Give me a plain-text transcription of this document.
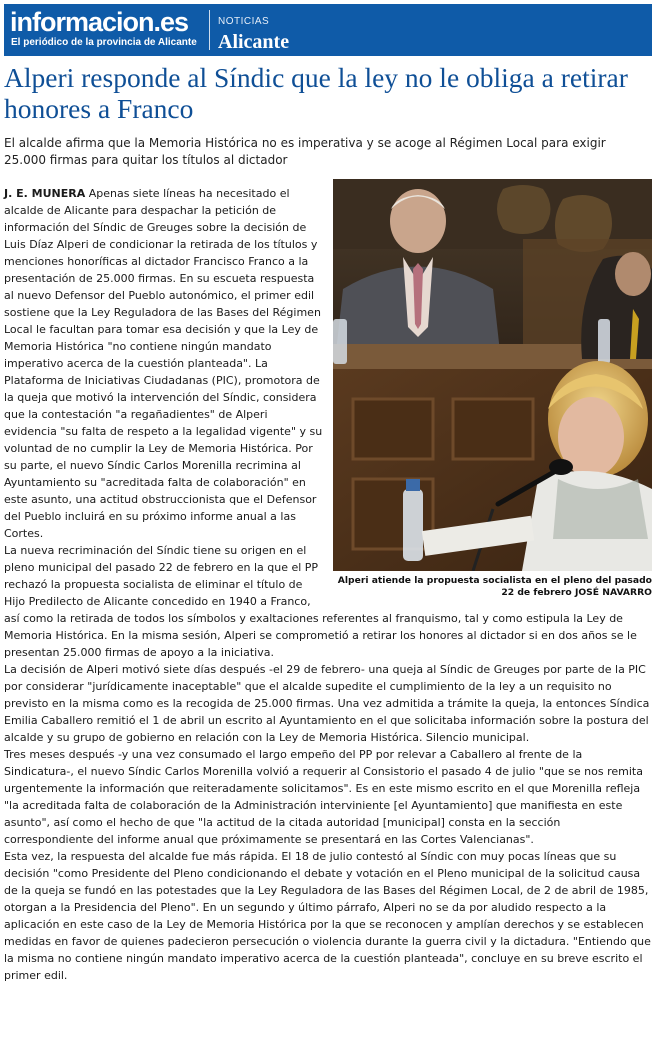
informacion.es
El periódico de la provincia de Alicante
NOTICIAS
Alicante
Alperi responde al Síndic que la ley no le obliga a retirar honores a Franco

El alcalde afirma que la Memoria Histórica no es imperativa y se acoge al Régimen Local para exigir 25.000 firmas para quitar los títulos al dictador

Alperi atiende la propuesta socialista en el pleno del pasado 22 de febrero JOSÉ NAVARRO

J. E. MUNERA Apenas siete líneas ha necesitado el alcalde de Alicante para despachar la petición de información del Síndic de Greuges sobre la decisión de Luis Díaz Alperi de condicionar la retirada de los títulos y menciones honoríficas al dictador Francisco Franco a la presentación de 25.000 firmas. En su escueta respuesta al nuevo Defensor del Pueblo autonómico, el primer edil sostiene que la Ley Reguladora de las Bases del Régimen Local le facultan para tomar esa decisión y que la Ley de Memoria Histórica "no contiene ningún mandato imperativo acerca de la cuestión planteada". La Plataforma de Iniciativas Ciudadanas (PIC), promotora de la queja que motivó la intervención del Síndic, considera que la contestación "a regañadientes" de Alperi evidencia "su falta de respeto a la legalidad vigente" y su voluntad de no cumplir la Ley de Memoria Histórica. Por su parte, el nuevo Síndic Carlos Morenilla recrimina al Ayuntamiento su "acreditada falta de colaboración" en este asunto, una actitud obstruccionista que el Defensor del Pueblo incluirá en su próximo informe anual a las Cortes.

La nueva recriminación del Síndic tiene su origen en el pleno municipal del pasado 22 de febrero en la que el PP rechazó la propuesta socialista de eliminar el título de Hijo Predilecto de Alicante concedido en 1940 a Franco, así como la retirada de todos los símbolos y exaltaciones referentes al franquismo, tal y como estipula la Ley de Memoria Histórica. En la misma sesión, Alperi se comprometió a retirar los honores al dictador si en dos años se le presentan 25.000 firmas de apoyo a la iniciativa.

La decisión de Alperi motivó siete días después -el 29 de febrero- una queja al Síndic de Greuges por parte de la PIC por considerar "jurídicamente inaceptable" que el alcalde supedite el cumplimiento de la ley a un requisito no previsto en la misma como es la recogida de 25.000 firmas. Una vez admitida a trámite la queja, la entonces Síndica Emilia Caballero remitió el 1 de abril un escrito al Ayuntamiento en el que solicitaba información sobre la postura del alcalde y su grupo de gobierno en relación con la Ley de Memoria Histórica. Silencio municipal.

Tres meses después -y una vez consumado el largo empeño del PP por relevar a Caballero al frente de la Sindicatura-, el nuevo Síndic Carlos Morenilla volvió a requerir al Consistorio el pasado 4 de julio "que se nos remita urgentemente la información que reiteradamente solicitamos". Es en este mismo escrito en el que Morenilla refleja "la acreditada falta de colaboración de la Administración interviniente [el Ayuntamiento] que manifiesta en este asunto", así como el hecho de que "la actitud de la citada autoridad [municipal] consta en la sección correspondiente del informe anual que próximamente se presentará en las Cortes Valencianas".

Esta vez, la respuesta del alcalde fue más rápida. El 18 de julio contestó al Síndic con muy pocas líneas que su decisión "como Presidente del Pleno condicionando el debate y votación en el Pleno municipal de la solicitud causa de la queja se fundó en las potestades que la Ley Reguladora de las Bases del Régimen Local, de 2 de abril de 1985, otorgan a la Presidencia del Pleno". En un segundo y último párrafo, Alperi no se da por aludido respecto a la aplicación en este caso de la Ley de Memoria Histórica por la que se reconocen y amplían derechos y se establecen medidas en favor de quienes padecieron persecución o violencia durante la guerra civil y la dictadura. "Entiendo que la misma no contiene ningún mandato imperativo acerca de la cuestión planteada", concluye en su breve escrito el primer edil.
